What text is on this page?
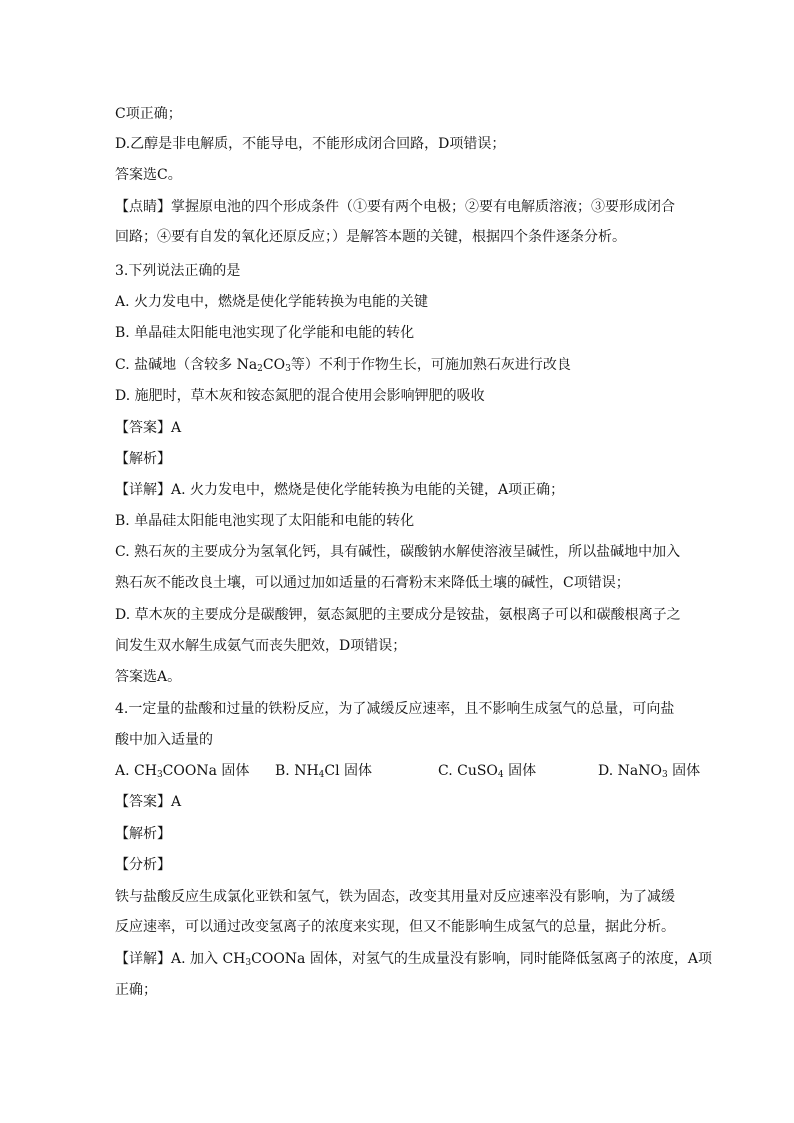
C项正确；
D.乙醇是非电解质，不能导电，不能形成闭合回路，D项错误；
答案选C。
【点睛】掌握原电池的四个形成条件（①要有两个电极；②要有电解质溶液；③要形成闭合
回路；④要有自发的氧化还原反应；）是解答本题的关键，根据四个条件逐条分析。
3.下列说法正确的是
A. 火力发电中，燃烧是使化学能转换为电能的关键
B. 单晶硅太阳能电池实现了化学能和电能的转化
C. 盐碱地（含较多 $Na_2CO_3$等）不利于作物生长，可施加熟石灰进行改良
D. 施肥时，草木灰和铵态氮肥的混合使用会影响钾肥的吸收
【答案】A
【解析】
【详解】A. 火力发电中，燃烧是使化学能转换为电能的关键，A项正确；
B. 单晶硅太阳能电池实现了太阳能和电能的转化
C. 熟石灰的主要成分为氢氧化钙，具有碱性，碳酸钠水解使溶液呈碱性，所以盐碱地中加入
熟石灰不能改良土壤，可以通过加如适量的石膏粉末来降低土壤的碱性，C项错误；
D. 草木灰的主要成分是碳酸钾，氨态氮肥的主要成分是铵盐，氨根离子可以和碳酸根离子之
间发生双水解生成氨气而丧失肥效，D项错误；
答案选A。
4.一定量的盐酸和过量的铁粉反应，为了减缓反应速率，且不影响生成氢气的总量，可向盐
酸中加入适量的
A. $CH_3COONa$ 固体 B. $NH_4Cl$ 固体	C. CuSO$_4$ 固体	D. NaNO$_3$ 固体
【答案】A
【解析】
【分析】
铁与盐酸反应生成氯化亚铁和氢气，铁为固态，改变其用量对反应速率没有影响，为了减缓
反应速率，可以通过改变氢离子的浓度来实现，但又不能影响生成氢气的总量，据此分析。
【详解】A. 加入 $CH_3COONa$ 固体，对氢气的生成量没有影响，同时能降低氢离子的浓度，A项
正确；
